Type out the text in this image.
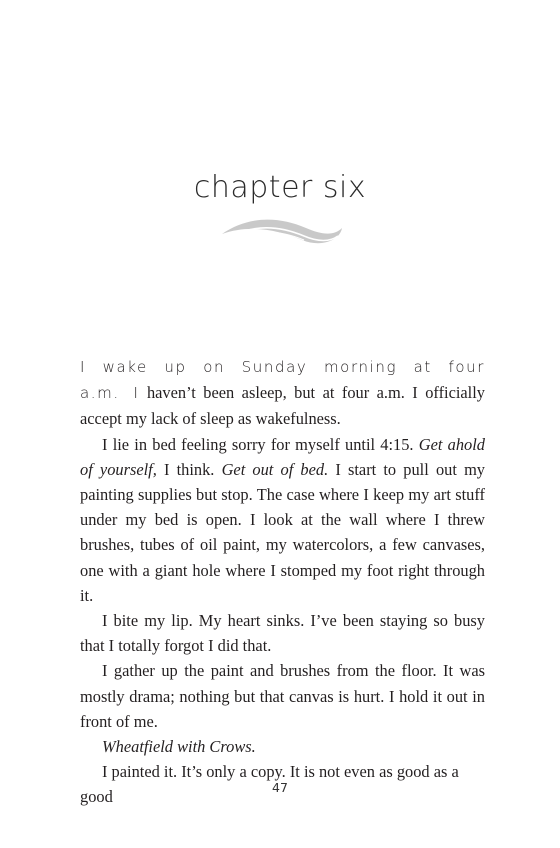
chapter six

I wake up on Sunday morning at four a.m. I haven’t been asleep, but at four a.m. I officially accept my lack of sleep as wakefulness.

I lie in bed feeling sorry for myself until 4:15. Get ahold of yourself, I think. Get out of bed. I start to pull out my painting supplies but stop. The case where I keep my art stuff under my bed is open. I look at the wall where I threw brushes, tubes of oil paint, my watercolors, a few canvases, one with a giant hole where I stomped my foot right through it.

I bite my lip. My heart sinks. I’ve been staying so busy that I totally forgot I did that.

I gather up the paint and brushes from the floor. It was mostly drama; nothing but that canvas is hurt. I hold it out in front of me.

Wheatfield with Crows.

I painted it. It’s only a copy. It is not even as good as a good	47
